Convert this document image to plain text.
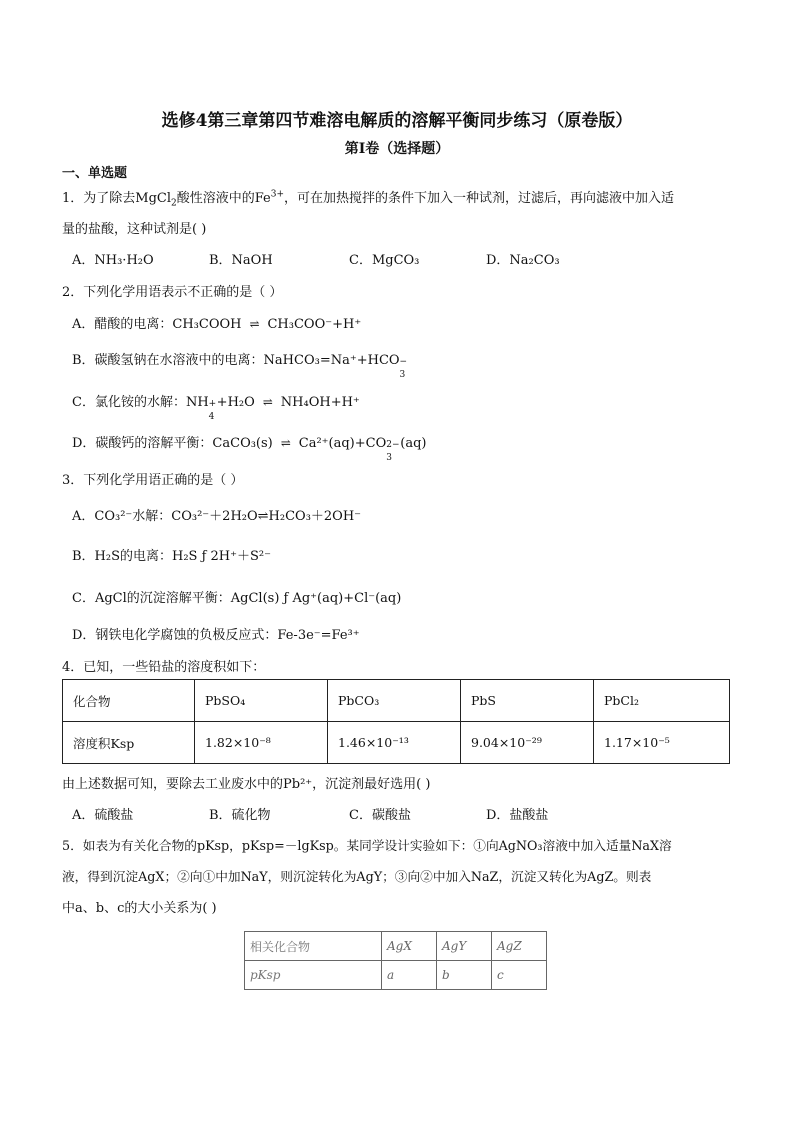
选修4第三章第四节难溶电解质的溶解平衡同步练习（原卷版）
第I卷（选择题）
一、单选题
1．为了除去MgCl$_2$酸性溶液中的$Fe^{3+}$，可在加热搅拌的条件下加入一种试剂，过滤后，再向滤液中加入适
量的盐酸，这种试剂是( )
A．NH₃·H₂O	B．NaOH	C．MgCO₃	D．Na₂CO₃
2．下列化学用语表示不正确的是（ ）
A．醋酸的电离：CH₃COOH ⇌ CH₃COO⁻+H⁺
B．碳酸氢钠在水溶液中的电离：NaHCO₃=Na⁺+HCO −
3
C．氯化铵的水解：NH +
4
+H₂O ⇌ NH₄OH+H⁺
D．碳酸钙的溶解平衡：CaCO₃(s) ⇌ Ca²⁺(aq)+CO 2−
3
(aq)
3．下列化学用语正确的是（ ）
A．CO₃²⁻水解：CO₃²⁻＋2H₂O⇌H₂CO₃＋2OH⁻
B．H₂S的电离：H₂S ƒ 2H⁺＋S²⁻
C．AgCl的沉淀溶解平衡：AgCl(s) ƒ Ag⁺(aq)+Cl⁻(aq)
D．钢铁电化学腐蚀的负极反应式：Fe-3e⁻=Fe³⁺
4．已知，一些铅盐的溶度积如下：
化合物	PbSO₄	PbCO₃	PbS	PbCl₂
溶度积Ksp	1.82×10⁻⁸	1.46×10⁻¹³	9.04×10⁻²⁹	1.17×10⁻⁵
由上述数据可知，要除去工业废水中的Pb²⁺，沉淀剂最好选用( )
A．硫酸盐	B．硫化物	C．碳酸盐	D．盐酸盐
5．如表为有关化合物的pKsp，pKsp=－lgKsp。某同学设计实验如下：①向AgNO₃溶液中加入适量NaX溶
液，得到沉淀AgX；②向①中加NaY，则沉淀转化为AgY；③向②中加入NaZ，沉淀又转化为AgZ。则表
中a、b、c的大小关系为( )
相关化合物	AgX	AgY	AgZ
pKsp	a	b	c
